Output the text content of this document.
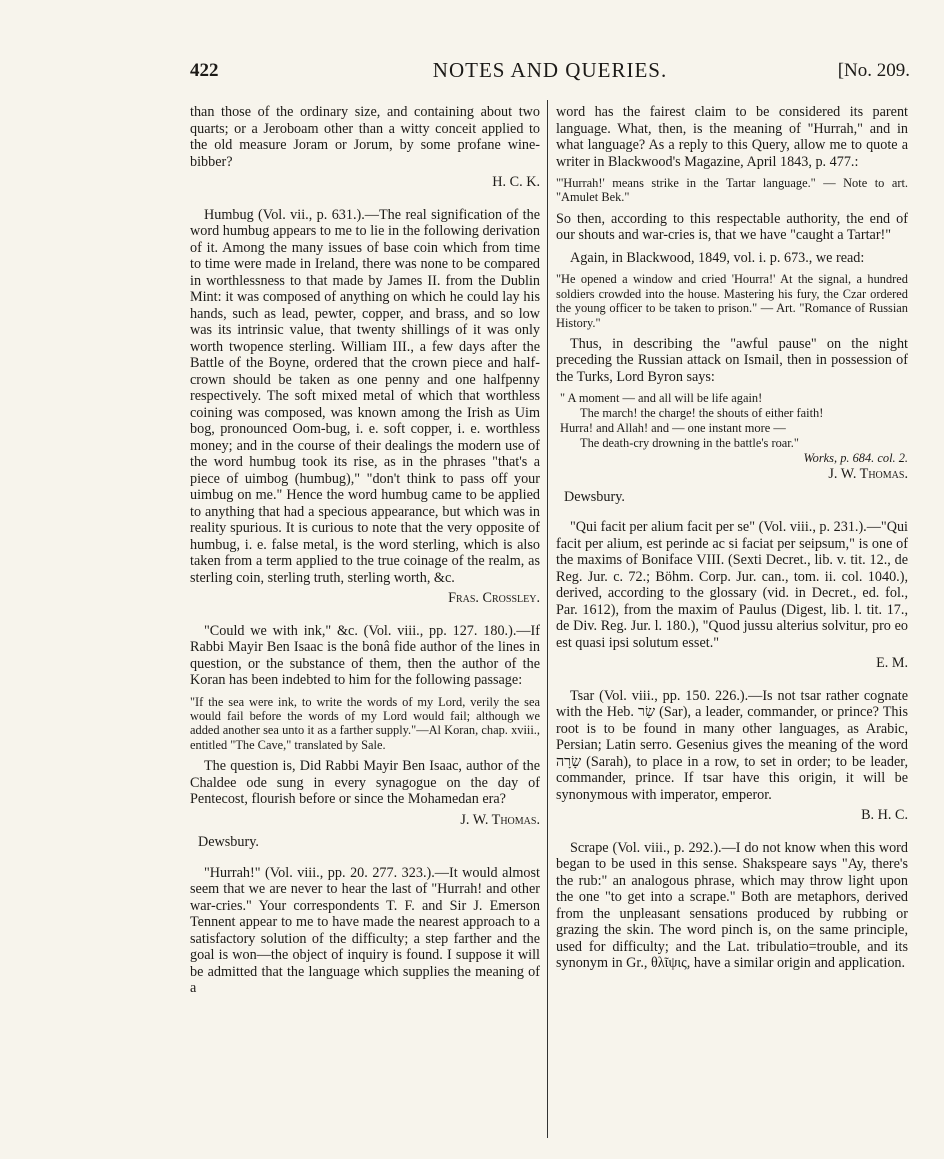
422	NOTES AND QUERIES.	[No. 209.

than those of the ordinary size, and containing about two quarts; or a Jeroboam other than a witty conceit applied to the old measure Joram or Jorum, by some profane wine-bibber?

H. C. K.

Humbug (Vol. vii., p. 631.).—The real signification of the word humbug appears to me to lie in the following derivation of it. Among the many issues of base coin which from time to time were made in Ireland, there was none to be compared in worthlessness to that made by James II. from the Dublin Mint: it was composed of anything on which he could lay his hands, such as lead, pewter, copper, and brass, and so low was its intrinsic value, that twenty shillings of it was only worth twopence sterling. William III., a few days after the Battle of the Boyne, ordered that the crown piece and half-crown should be taken as one penny and one halfpenny respectively. The soft mixed metal of which that worthless coining was composed, was known among the Irish as Uim bog, pronounced Oom-bug, i. e. soft copper, i. e. worthless money; and in the course of their dealings the modern use of the word humbug took its rise, as in the phrases "that's a piece of uimbog (humbug)," "don't think to pass off your uimbug on me." Hence the word humbug came to be applied to anything that had a specious appearance, but which was in reality spurious. It is curious to note that the very opposite of humbug, i. e. false metal, is the word sterling, which is also taken from a term applied to the true coinage of the realm, as sterling coin, sterling truth, sterling worth, &c.

Fras. Crossley.

"Could we with ink," &c. (Vol. viii., pp. 127. 180.).—If Rabbi Mayir Ben Isaac is the bonâ fide author of the lines in question, or the substance of them, then the author of the Koran has been indebted to him for the following passage:

"If the sea were ink, to write the words of my Lord, verily the sea would fail before the words of my Lord would fail; although we added another sea unto it as a farther supply."—Al Koran, chap. xviii., entitled "The Cave," translated by Sale.

The question is, Did Rabbi Mayir Ben Isaac, author of the Chaldee ode sung in every synagogue on the day of Pentecost, flourish before or since the Mohamedan era?

J. W. Thomas.

Dewsbury.

"Hurrah!" (Vol. viii., pp. 20. 277. 323.).—It would almost seem that we are never to hear the last of "Hurrah! and other war-cries." Your correspondents T. F. and Sir J. Emerson Tennent appear to me to have made the nearest approach to a satisfactory solution of the difficulty; a step farther and the goal is won—the object of inquiry is found. I suppose it will be admitted that the language which supplies the meaning of a

word has the fairest claim to be considered its parent language. What, then, is the meaning of "Hurrah," and in what language? As a reply to this Query, allow me to quote a writer in Blackwood's Magazine, April 1843, p. 477.:

"'Hurrah!' means strike in the Tartar language." — Note to art. "Amulet Bek."

So then, according to this respectable authority, the end of our shouts and war-cries is, that we have "caught a Tartar!"

Again, in Blackwood, 1849, vol. i. p. 673., we read:

"He opened a window and cried 'Hourra!' At the signal, a hundred soldiers crowded into the house. Mastering his fury, the Czar ordered the young officer to be taken to prison." — Art. "Romance of Russian History."

Thus, in describing the "awful pause" on the night preceding the Russian attack on Ismail, then in possession of the Turks, Lord Byron says:

" A moment — and all will be life again!
The march! the charge! the shouts of either faith!
Hurra! and Allah! and — one instant more —
The death-cry drowning in the battle's roar."
Works, p. 684. col. 2.

J. W. Thomas.

Dewsbury.

"Qui facit per alium facit per se" (Vol. viii., p. 231.).—"Qui facit per alium, est perinde ac si faciat per seipsum," is one of the maxims of Boniface VIII. (Sexti Decret., lib. v. tit. 12., de Reg. Jur. c. 72.; Böhm. Corp. Jur. can., tom. ii. col. 1040.), derived, according to the glossary (vid. in Decret., ed. fol., Par. 1612), from the maxim of Paulus (Digest, lib. l. tit. 17., de Div. Reg. Jur. l. 180.), "Quod jussu alterius solvitur, pro eo est quasi ipsi solutum esset."

E. M.

Tsar (Vol. viii., pp. 150. 226.).—Is not tsar rather cognate with the Heb. שַׂר (Sar), a leader, commander, or prince? This root is to be found in many other languages, as Arabic, Persian; Latin serro. Gesenius gives the meaning of the word שָׂרָה (Sarah), to place in a row, to set in order; to be leader, commander, prince. If tsar have this origin, it will be synonymous with imperator, emperor.

B. H. C.

Scrape (Vol. viii., p. 292.).—I do not know when this word began to be used in this sense. Shakspeare says "Ay, there's the rub:" an analogous phrase, which may throw light upon the one "to get into a scrape." Both are metaphors, derived from the unpleasant sensations produced by rubbing or grazing the skin. The word pinch is, on the same principle, used for difficulty; and the Lat. tribulatio=trouble, and its synonym in Gr., θλῖψις, have a similar origin and application.
